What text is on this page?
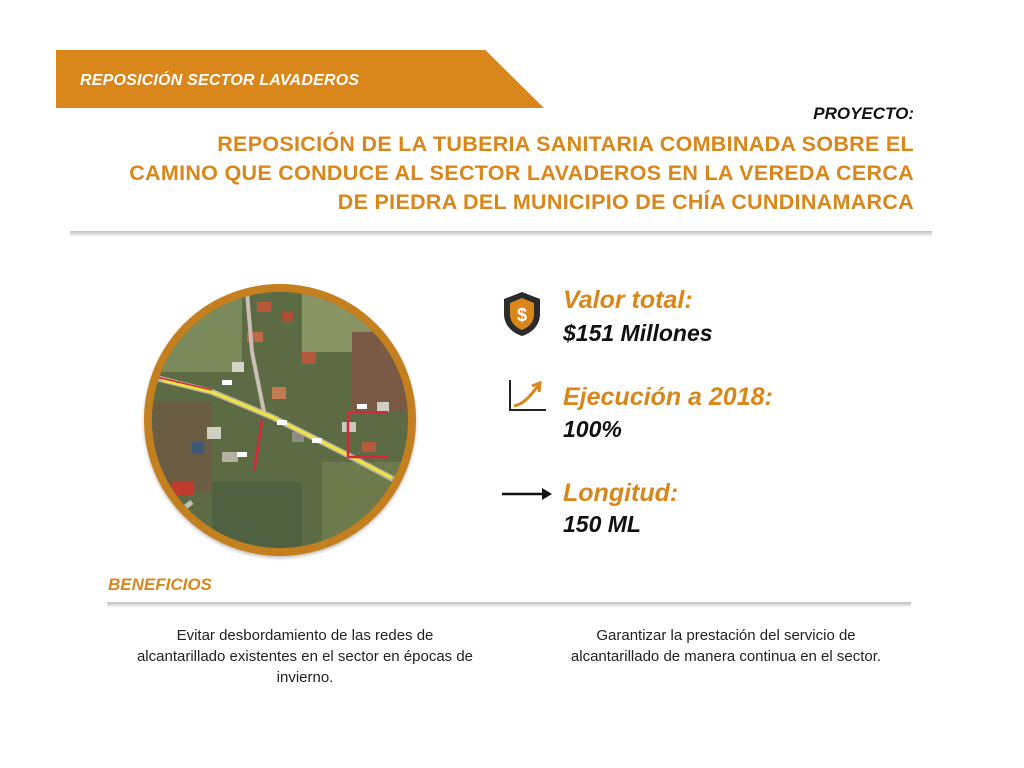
REPOSICIÓN SECTOR LAVADEROS
PROYECTO:
REPOSICIÓN DE LA TUBERIA SANITARIA COMBINADA SOBRE EL
CAMINO QUE CONDUCE AL SECTOR LAVADEROS EN LA VEREDA CERCA
DE PIEDRA DEL MUNICIPIO DE CHÍA CUNDINAMARCA
$
Valor total:
$151 Millones
Ejecución a 2018:
100%
Longitud:
150 ML
BENEFICIOS
Evitar desbordamiento de las redes de alcantarillado existentes en el sector en épocas de invierno.
Garantizar la prestación del servicio de alcantarillado de manera continua en el sector.
